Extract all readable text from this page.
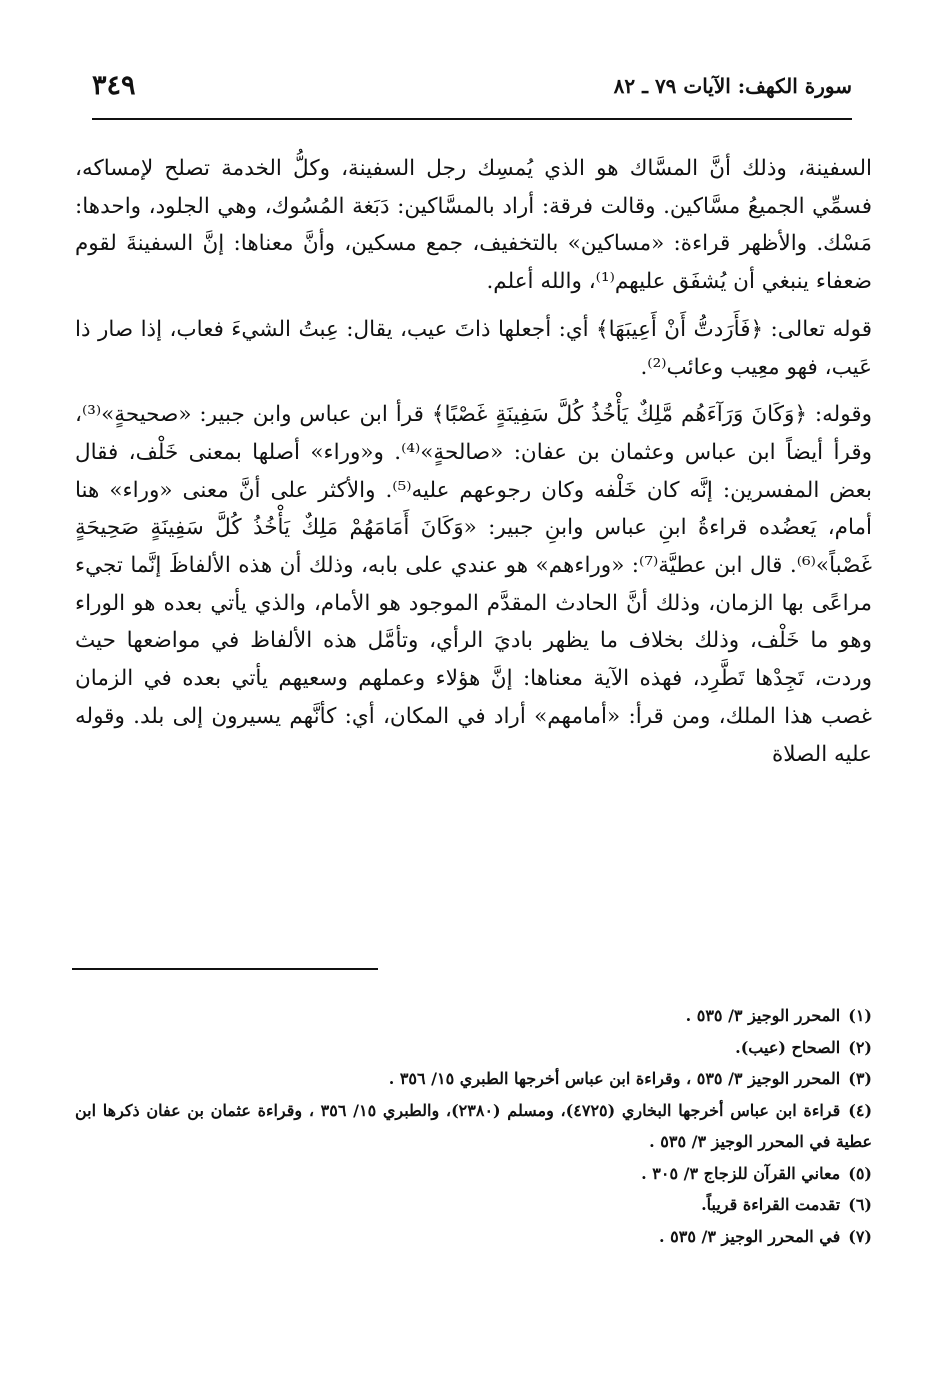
سورة الكهف: الآيات ٧٩ ـ ٨٢
٣٤٩

السفينة، وذلك أنَّ المسَّاك هو الذي يُمسِك رجل السفينة، وكلُّ الخدمة تصلح لإمساكه، فسمِّي الجميعُ مسَّاكين. وقالت فرقة: أراد بالمسَّاكين: دَبَغة المُسُوك، وهي الجلود، واحدها: مَسْك. والأظهر قراءة: «مساكين» بالتخفيف، جمع مسكين، وأنَّ معناها: إنَّ السفينةَ لقوم ضعفاء ينبغي أن يُشفَق عليهم⁽¹⁾، والله أعلم.

قوله تعالى: ﴿فَأَرَدتُّ أَنْ أَعِيبَهَا﴾ أي: أجعلها ذاتَ عيب، يقال: عِبتُ الشيءَ فعاب، إذا صار ذا عَيب، فهو معِيب وعائب⁽²⁾.

وقوله: ﴿وَكَانَ وَرَآءَهُم مَّلِكٌ يَأْخُذُ كُلَّ سَفِينَةٍ غَصْبًا﴾ قرأ ابن عباس وابن جبير: «صحيحةٍ»⁽³⁾، وقرأ أيضاً ابن عباس وعثمان بن عفان: «صالحةٍ»⁽⁴⁾. و«وراء» أصلها بمعنى خَلْف، فقال بعض المفسرين: إنَّه كان خَلْفه وكان رجوعهم عليه⁽⁵⁾. والأكثر على أنَّ معنى «وراء» هنا أمام، يَعضُده قراءةُ ابنِ عباس وابنِ جبير: «وَكَانَ أَمَامَهُمْ مَلِكٌ يَأْخُذُ كُلَّ سَفِينَةٍ صَحِيحَةٍ غَصْباً»⁽⁶⁾. قال ابن عطيَّة⁽⁷⁾: «وراءهم» هو عندي على بابه، وذلك أن هذه الألفاظَ إنَّما تجيء مراعًى بها الزمان، وذلك أنَّ الحادث المقدَّم الموجود هو الأمام، والذي يأتي بعده هو الوراء وهو ما خَلْف، وذلك بخلاف ما يظهر باديَ الرأي، وتأمَّل هذه الألفاظ في مواضعها حيث وردت، تَجِدْها تَطَّرِد، فهذه الآية معناها: إنَّ هؤلاء وعملهم وسعيهم يأتي بعده في الزمان غصب هذا الملك، ومن قرأ: «أمامهم» أراد في المكان، أي: كأنَّهم يسيرون إلى بلد. وقوله عليه الصلاة

(١)المحرر الوجيز ٣/ ٥٣٥ .

(٢)الصحاح (عيب).

(٣)المحرر الوجيز ٣/ ٥٣٥ ، وقراءة ابن عباس أخرجها الطبري ١٥/ ٣٥٦ .

(٤)قراءة ابن عباس أخرجها البخاري (٤٧٢٥)، ومسلم (٢٣٨٠)، والطبري ١٥/ ٣٥٦ ، وقراءة عثمان بن عفان ذكرها ابن عطية في المحرر الوجيز ٣/ ٥٣٥ .

(٥)معاني القرآن للزجاج ٣/ ٣٠٥ .

(٦)تقدمت القراءة قريباً.

(٧)في المحرر الوجيز ٣/ ٥٣٥ .
